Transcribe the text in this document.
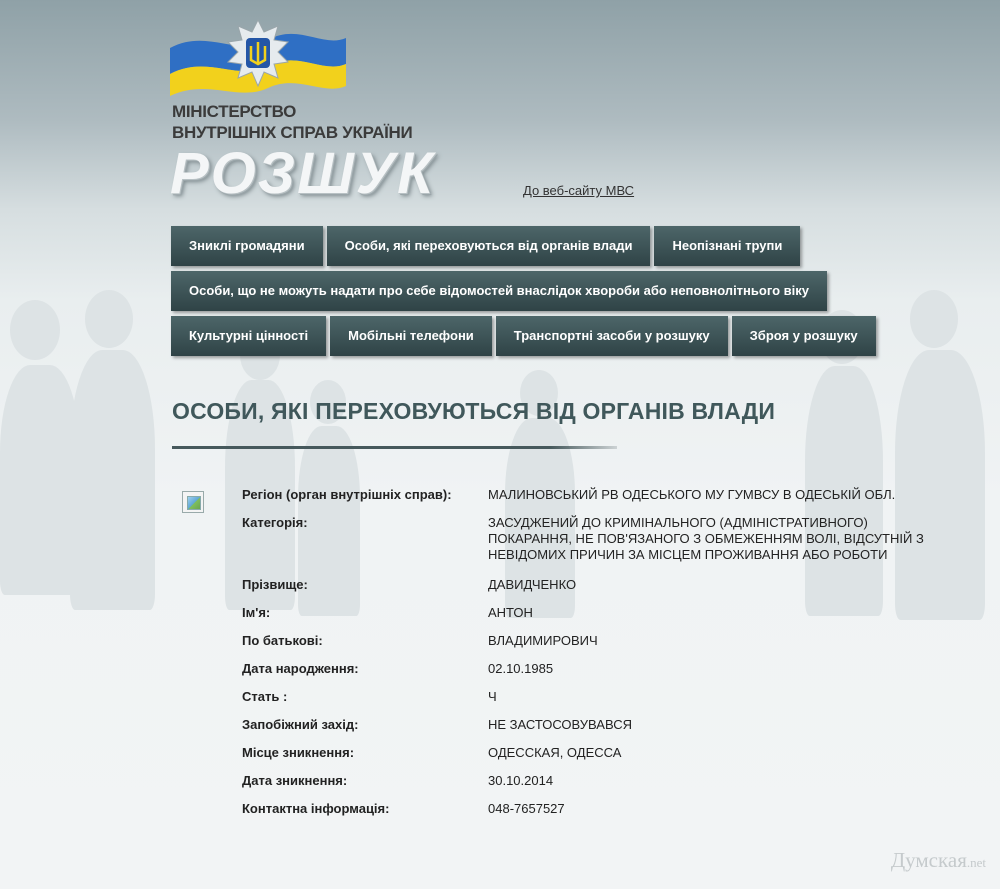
МІНІСТЕРСТВО
ВНУТРІШНІХ СПРАВ УКРАЇНИ
РОЗШУК	До веб-сайту МВС
Зниклі громадяни	Особи, які переховуються від органів влади	Неопізнані трупи
Особи, що не можуть надати про себе відомостей внаслідок хвороби або неповнолітнього віку
Культурні цінності	Мобільні телефони	Транспортні засоби у розшуку	Зброя у розшуку
ОСОБИ, ЯКІ ПЕРЕХОВУЮТЬСЯ ВІД ОРГАНІВ ВЛАДИ
Регіон (орган внутрішніх справ):	МАЛИНОВСЬКИЙ РВ ОДЕСЬКОГО МУ ГУМВСУ В ОДЕСЬКІЙ ОБЛ.
Категорія:	ЗАСУДЖЕНИЙ ДО КРИМІНАЛЬНОГО (АДМІНІСТРАТИВНОГО) ПОКАРАННЯ, НЕ ПОВ'ЯЗАНОГО З ОБМЕЖЕННЯМ ВОЛІ, ВІДСУТНІЙ З НЕВІДОМИХ ПРИЧИН ЗА МІСЦЕМ ПРОЖИВАННЯ АБО РОБОТИ
Прізвище:	ДАВИДЧЕНКО
Ім'я:	АНТОН
По батькові:	ВЛАДИМИРОВИЧ
Дата народження:	02.10.1985
Стать :	Ч
Запобіжний захід:	НЕ ЗАСТОСОВУВАВСЯ
Місце зникнення:	ОДЕССКАЯ, ОДЕССА
Дата зникнення:	30.10.2014
Контактна інформація:	048-7657527
Думская.net
